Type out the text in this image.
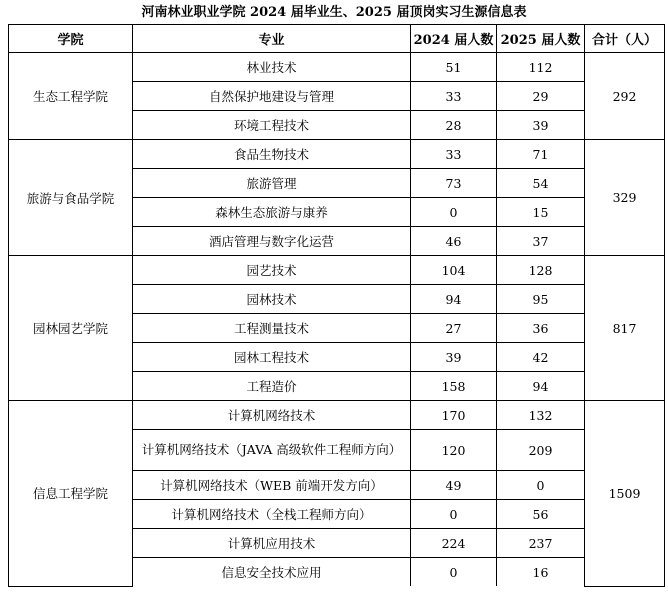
河南林业职业学院 2024 届毕业生、2025 届顶岗实习生源信息表
学院	专业	2024 届人数	2025 届人数	合计（人）
生态工程学院	林业技术	51	112	292
	自然保护地建设与管理	33	29	
	环境工程技术	28	39	
旅游与食品学院	食品生物技术	33	71	329
	旅游管理	73	54	
	森林生态旅游与康养	0	15	
	酒店管理与数字化运营	46	37	
园林园艺学院	园艺技术	104	128	817
	园林技术	94	95	
	工程测量技术	27	36	
	园林工程技术	39	42	
	工程造价	158	94	
信息工程学院	计算机网络技术	170	132	1509
	计算机网络技术（JAVA 高级软件工程师方向）	120	209	
	计算机网络技术（WEB 前端开发方向）	49	0	
	计算机网络技术（全栈工程师方向）	0	56	
	计算机应用技术	224	237	
	信息安全技术应用	0	16	
